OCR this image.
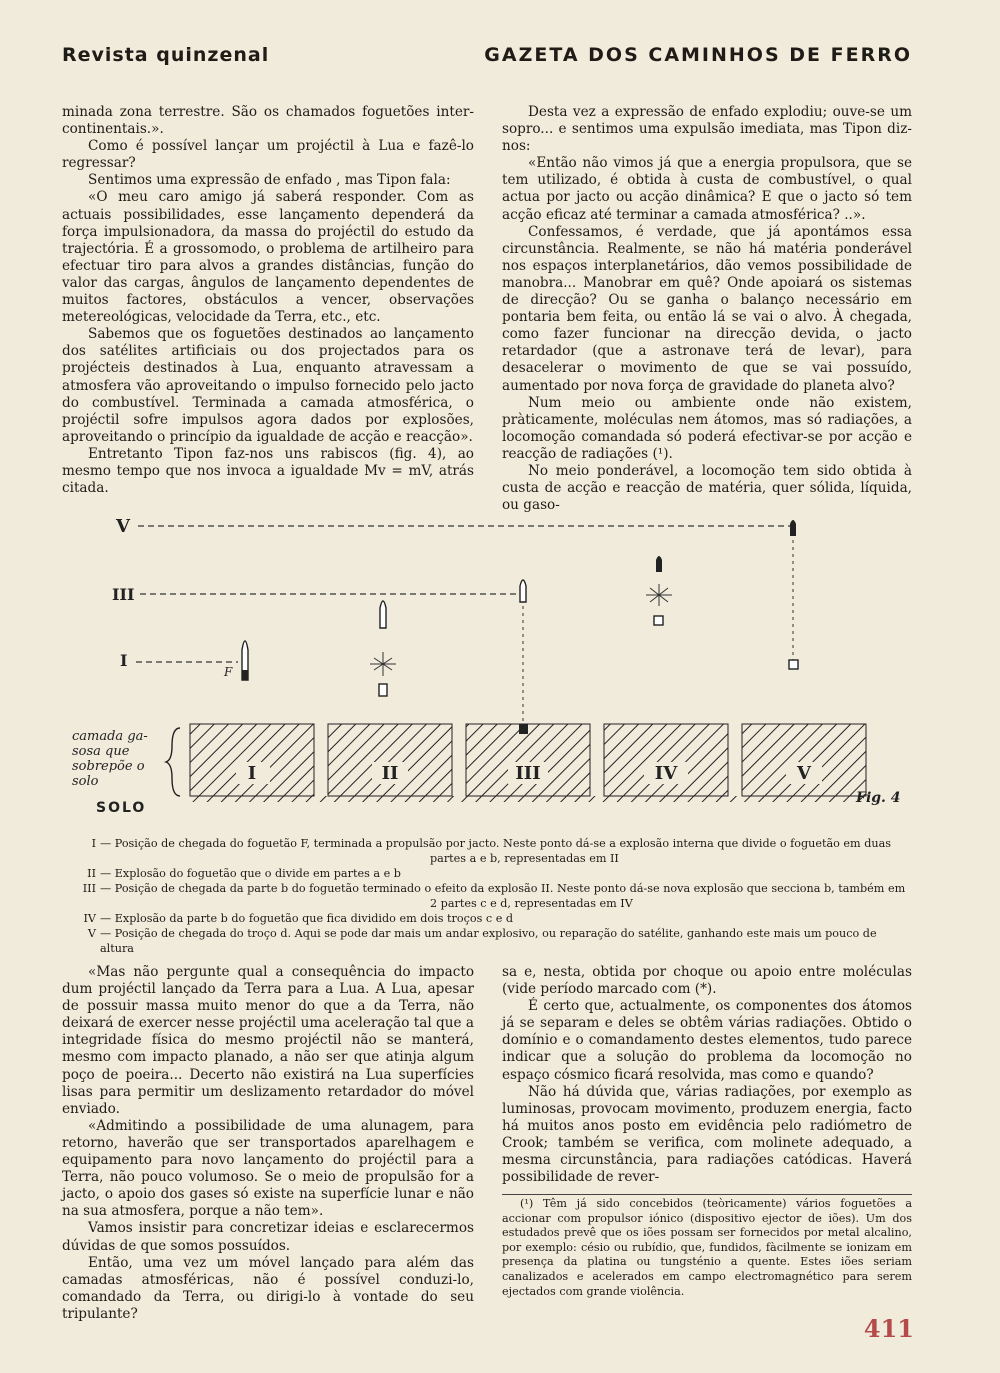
Revista quinzenal	GAZETA DOS CAMINHOS DE FERRO

minada zona terrestre. São os chamados foguetões inter-continentais.».

Como é possível lançar um projéctil à Lua e fazê-lo regressar?

Sentimos uma expressão de enfado , mas Tipon fala:

«O meu caro amigo já saberá responder. Com as actuais possibilidades, esse lançamento dependerá da força impulsionadora, da massa do projéctil do estudo da trajectória. É a grossomodo, o problema de artilheiro para efectuar tiro para alvos a grandes distâncias, função do valor das cargas, ângulos de lançamento dependentes de muitos factores, obstáculos a vencer, observações metereológicas, velocidade da Terra, etc., etc.

Sabemos que os foguetões destinados ao lançamento dos satélites artificiais ou dos projectados para os projécteis destinados à Lua, enquanto atravessam a atmosfera vão aproveitando o impulso fornecido pelo jacto do combustível. Terminada a camada atmosférica, o projéctil sofre impulsos agora dados por explosões, aproveitando o princípio da igualdade de acção e reacção».

Entretanto Tipon faz-nos uns rabiscos (fig. 4), ao mesmo tempo que nos invoca a igualdade Mv = mV, atrás citada.

Desta vez a expressão de enfado explodiu; ouve-se um sopro... e sentimos uma expulsão imediata, mas Tipon diz-nos:

«Então não vimos já que a energia propulsora, que se tem utilizado, é obtida à custa de combustível, o qual actua por jacto ou acção dinâmica? E que o jacto só tem acção eficaz até terminar a camada atmosférica? ..».

Confessamos, é verdade, que já apontámos essa circunstância. Realmente, se não há matéria ponderável nos espaços interplanetários, dão vemos possibilidade de manobra... Manobrar em quê? Onde apoiará os sistemas de direcção? Ou se ganha o balanço necessário em pontaria bem feita, ou então lá se vai o alvo. À chegada, como fazer funcionar na direcção devida, o jacto retardador (que a astronave terá de levar), para desacelerar o movimento de que se vai possuído, aumentado por nova força de gravidade do planeta alvo?

Num meio ou ambiente onde não existem, pràticamente, moléculas nem átomos, mas só radiações, a locomoção comandada só poderá efectivar-se por acção e reacção de radiações (¹).

No meio ponderável, a locomoção tem sido obtida à custa de acção e reacção de matéria, quer sólida, líquida, ou gaso-

V
III
I
F
camada ga- sosa que sobrepõe o solo
SOLO
I	II	III	IV	V
Fig. 4
I — Posição de chegada do foguetão F, terminada a propulsão por jacto. Neste ponto dá-se a explosão interna que divide o foguetão em duas
partes a e b, representadas em II
II — Explosão do foguetão que o divide em partes a e b
III — Posição de chegada da parte b do foguetão terminado o efeito da explosão II. Neste ponto dá-se nova explosão que secciona b, também em
2 partes c e d, representadas em IV
IV — Explosão da parte b do foguetão que fica dividido em dois troços c e d
V — Posição de chegada do troço d. Aqui se pode dar mais um andar explosivo, ou reparação do satélite, ganhando este mais um pouco de altura

«Mas não pergunte qual a consequência do impacto dum projéctil lançado da Terra para a Lua. A Lua, apesar de possuir massa muito menor do que a da Terra, não deixará de exercer nesse projéctil uma aceleração tal que a integridade física do mesmo projéctil não se manterá, mesmo com impacto planado, a não ser que atinja algum poço de poeira... Decerto não existirá na Lua superfícies lisas para permitir um deslizamento retardador do móvel enviado.

«Admitindo a possibilidade de uma alunagem, para retorno, haverão que ser transportados aparelhagem e equipamento para novo lançamento do projéctil para a Terra, não pouco volumoso. Se o meio de propulsão for a jacto, o apoio dos gases só existe na superfície lunar e não na sua atmosfera, porque a não tem».

Vamos insistir para concretizar ideias e esclarecermos dúvidas de que somos possuídos.

Então, uma vez um móvel lançado para além das camadas atmosféricas, não é possível conduzi-lo, comandado da Terra, ou dirigi-lo à vontade do seu tripulante?

sa e, nesta, obtida por choque ou apoio entre moléculas (vide período marcado com (*).

É certo que, actualmente, os componentes dos átomos já se separam e deles se obtêm várias radiações. Obtido o domínio e o comandamento destes elementos, tudo parece indicar que a solução do problema da locomoção no espaço cósmico ficará resolvida, mas como e quando?

Não há dúvida que, várias radiações, por exemplo as luminosas, provocam movimento, produzem energia, facto há muitos anos posto em evidência pelo radiómetro de Crook; também se verifica, com molinete adequado, a mesma circunstância, para radiações catódicas. Haverá possibilidade de rever-

(¹) Têm já sido concebidos (teòricamente) vários foguetões a accionar com propulsor iónico (dispositivo ejector de iões). Um dos estudados prevê que os iões possam ser fornecidos por metal alcalino, por exemplo: césio ou rubídio, que, fundidos, fàcilmente se ionizam em presença da platina ou tungsténio a quente. Estes iões seriam canalizados e acelerados em campo electromagnético para serem ejectados com grande violência.

411
